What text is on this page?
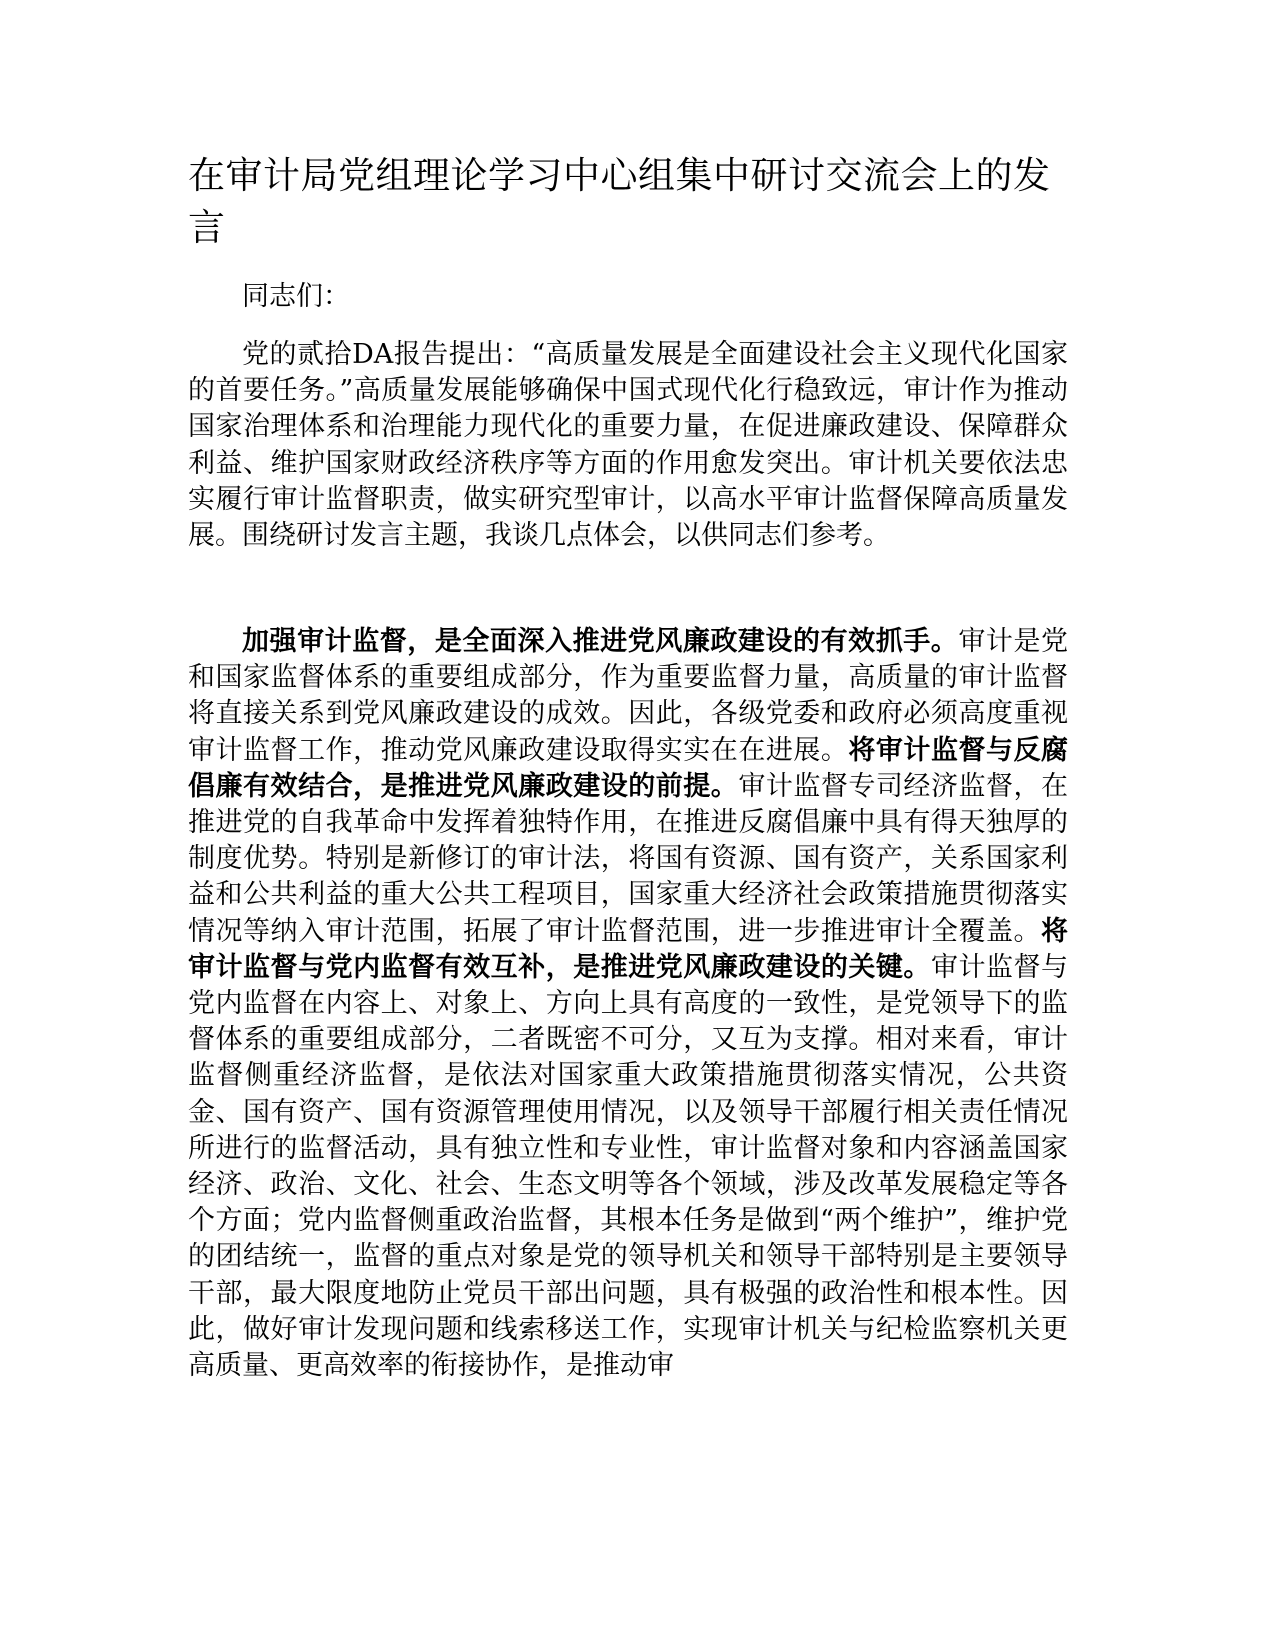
在审计局党组理论学习中心组集中研讨交流会上的发言

同志们：

党的贰拾DA报告提出：“高质量发展是全面建设社会主义现代化国家的首要任务。”高质量发展能够确保中国式现代化行稳致远，审计作为推动国家治理体系和治理能力现代化的重要力量，在促进廉政建设、保障群众利益、维护国家财政经济秩序等方面的作用愈发突出。审计机关要依法忠实履行审计监督职责，做实研究型审计，以高水平审计监督保障高质量发展。围绕研讨发言主题，我谈几点体会，以供同志们参考。

加强审计监督，是全面深入推进党风廉政建设的有效抓手。审计是党和国家监督体系的重要组成部分，作为重要监督力量，高质量的审计监督将直接关系到党风廉政建设的成效。因此，各级党委和政府必须高度重视审计监督工作，推动党风廉政建设取得实实在在进展。将审计监督与反腐倡廉有效结合，是推进党风廉政建设的前提。审计监督专司经济监督，在推进党的自我革命中发挥着独特作用，在推进反腐倡廉中具有得天独厚的制度优势。特别是新修订的审计法，将国有资源、国有资产，关系国家利益和公共利益的重大公共工程项目，国家重大经济社会政策措施贯彻落实情况等纳入审计范围，拓展了审计监督范围，进一步推进审计全覆盖。将审计监督与党内监督有效互补，是推进党风廉政建设的关键。审计监督与党内监督在内容上、对象上、方向上具有高度的一致性，是党领导下的监督体系的重要组成部分，二者既密不可分，又互为支撑。相对来看，审计监督侧重经济监督，是依法对国家重大政策措施贯彻落实情况，公共资金、国有资产、国有资源管理使用情况，以及领导干部履行相关责任情况所进行的监督活动，具有独立性和专业性，审计监督对象和内容涵盖国家经济、政治、文化、社会、生态文明等各个领域，涉及改革发展稳定等各个方面；党内监督侧重政治监督，其根本任务是做到“两个维护”，维护党的团结统一，监督的重点对象是党的领导机关和领导干部特别是主要领导干部，最大限度地防止党员干部出问题，具有极强的政治性和根本性。因此，做好审计发现问题和线索移送工作，实现审计机关与纪检监察机关更高质量、更高效率的衔接协作，是推动审
